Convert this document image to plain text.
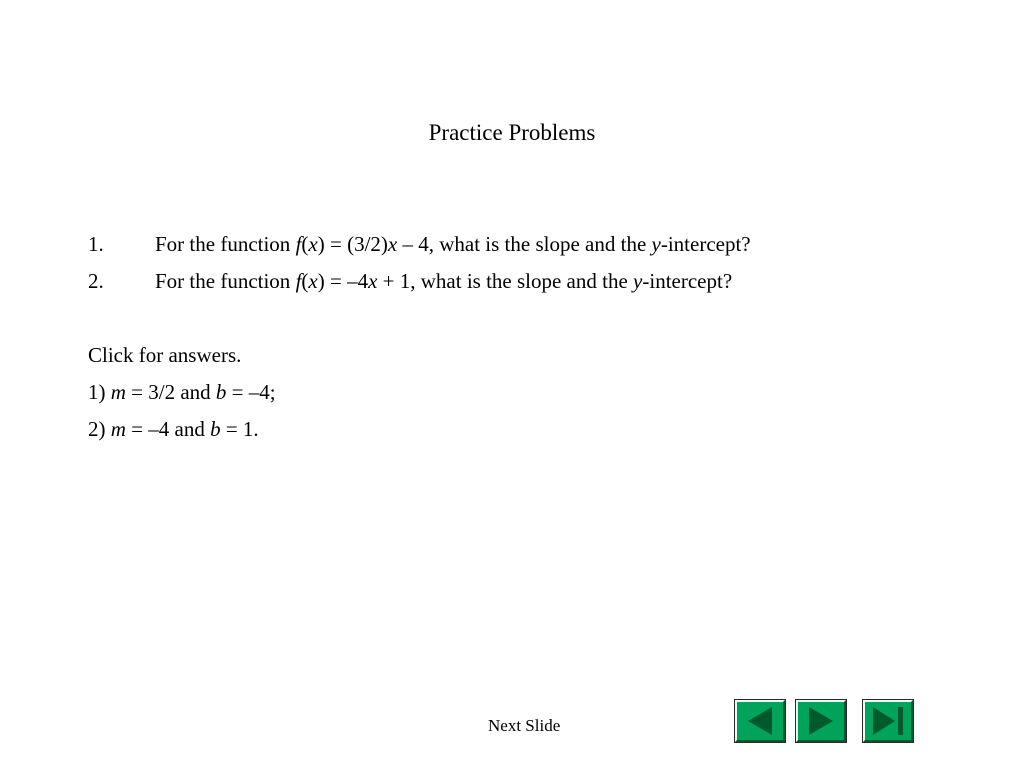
Practice Problems
1. For the function f(x) = (3/2)x – 4, what is the slope and the y-intercept?
2. For the function f(x) = –4x + 1, what is the slope and the y-intercept?
Click for answers.
1) m = 3/2 and b = –4;
2) m = –4 and b = 1.
Next Slide
